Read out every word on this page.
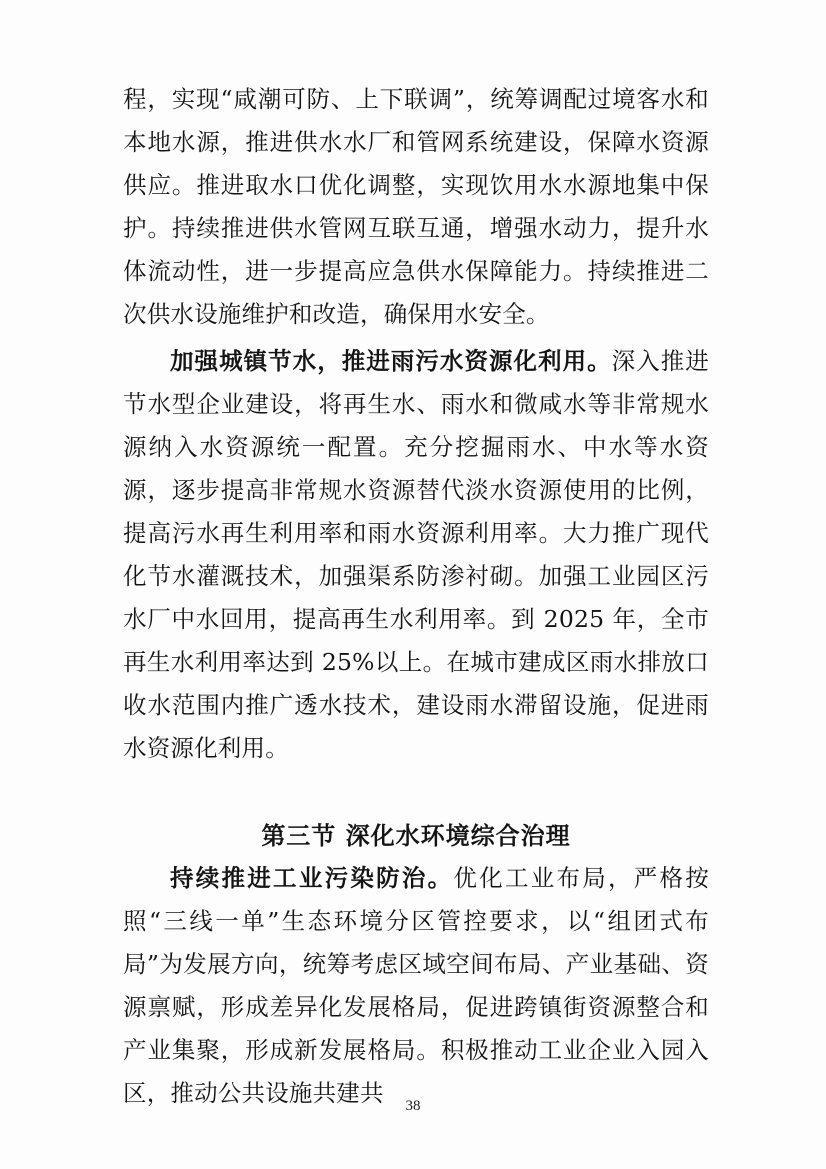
程，实现“咸潮可防、上下联调”，统筹调配过境客水和本地水源，推进供水水厂和管网系统建设，保障水资源供应。推进取水口优化调整，实现饮用水水源地集中保护。持续推进供水管网互联互通，增强水动力，提升水体流动性，进一步提高应急供水保障能力。持续推进二次供水设施维护和改造，确保用水安全。

加强城镇节水，推进雨污水资源化利用。深入推进节水型企业建设，将再生水、雨水和微咸水等非常规水源纳入水资源统一配置。充分挖掘雨水、中水等水资源，逐步提高非常规水资源替代淡水资源使用的比例，提高污水再生利用率和雨水资源利用率。大力推广现代化节水灌溉技术，加强渠系防渗衬砌。加强工业园区污水厂中水回用，提高再生水利用率。到 2025 年，全市再生水利用率达到 25%以上。在城市建成区雨水排放口收水范围内推广透水技术，建设雨水滞留设施，促进雨水资源化利用。

第三节 深化水环境综合治理

持续推进工业污染防治。优化工业布局，严格按照“三线一单”生态环境分区管控要求，以“组团式布局”为发展方向，统筹考虑区域空间布局、产业基础、资源禀赋，形成差异化发展格局，促进跨镇街资源整合和产业集聚，形成新发展格局。积极推动工业企业入园入区，推动公共设施共建共	38
